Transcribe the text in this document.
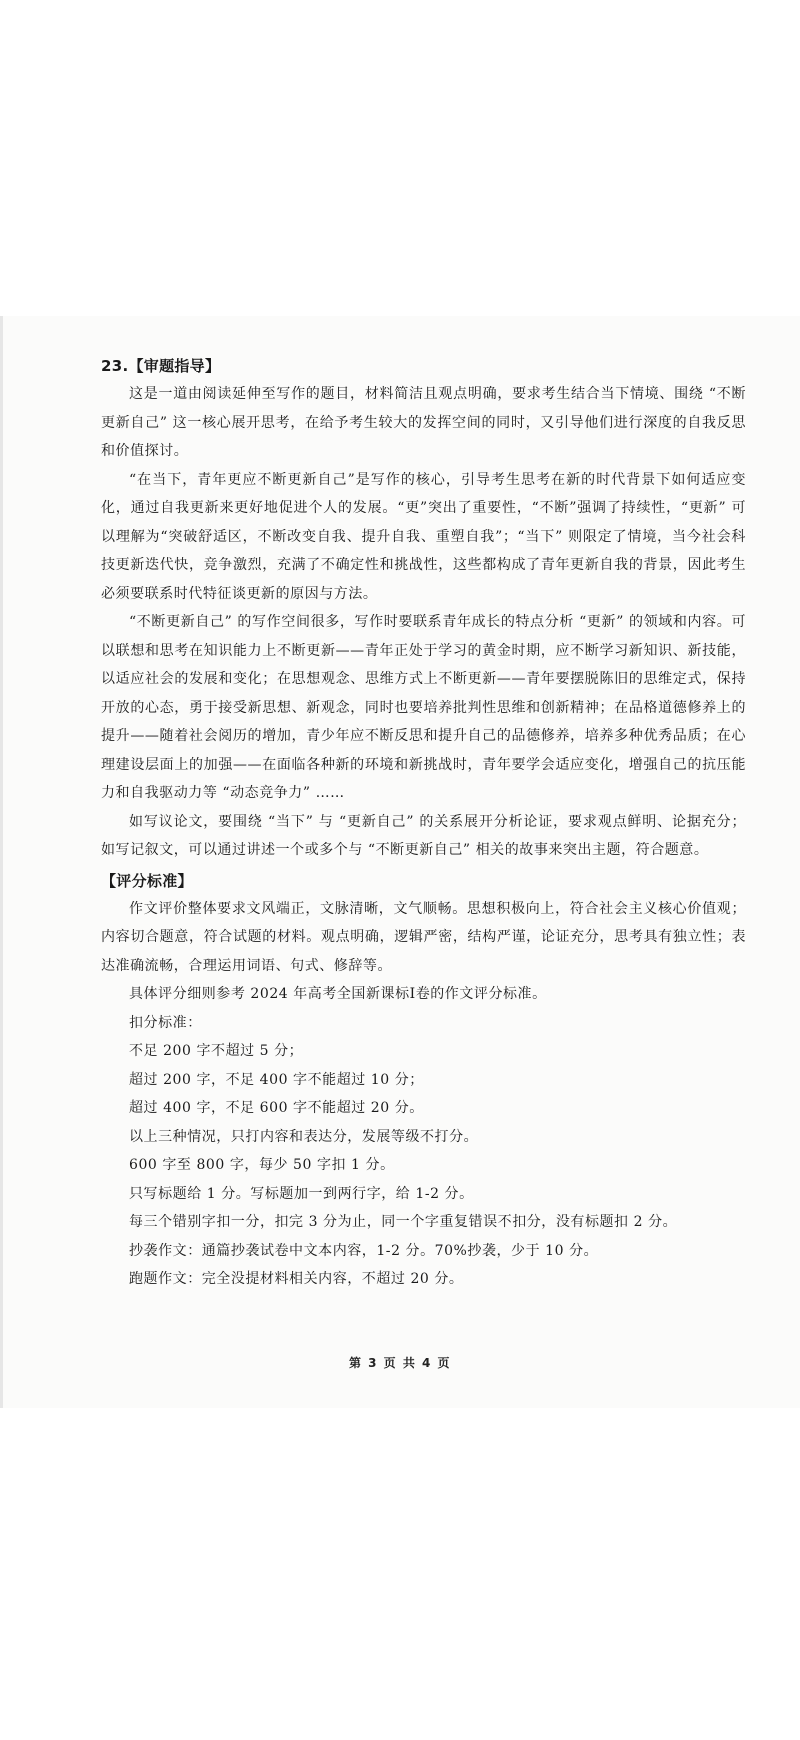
23.【审题指导】

这是一道由阅读延伸至写作的题目，材料简洁且观点明确，要求考生结合当下情境、围绕 “不断更新自己” 这一核心展开思考，在给予考生较大的发挥空间的同时，又引导他们进行深度的自我反思和价值探讨。

“在当下，青年更应不断更新自己”是写作的核心，引导考生思考在新的时代背景下如何适应变化，通过自我更新来更好地促进个人的发展。“更”突出了重要性，“不断”强调了持续性，“更新” 可以理解为“突破舒适区，不断改变自我、提升自我、重塑自我”；“当下” 则限定了情境，当今社会科技更新迭代快，竞争激烈，充满了不确定性和挑战性，这些都构成了青年更新自我的背景，因此考生必须要联系时代特征谈更新的原因与方法。

“不断更新自己” 的写作空间很多，写作时要联系青年成长的特点分析 “更新” 的领域和内容。可以联想和思考在知识能力上不断更新——青年正处于学习的黄金时期，应不断学习新知识、新技能，以适应社会的发展和变化；在思想观念、思维方式上不断更新——青年要摆脱陈旧的思维定式，保持开放的心态，勇于接受新思想、新观念，同时也要培养批判性思维和创新精神；在品格道德修养上的提升——随着社会阅历的增加，青少年应不断反思和提升自己的品德修养，培养多种优秀品质；在心理建设层面上的加强——在面临各种新的环境和新挑战时，青年要学会适应变化，增强自己的抗压能力和自我驱动力等 “动态竞争力” ……

如写议论文，要围绕 “当下” 与 “更新自己” 的关系展开分析论证，要求观点鲜明、论据充分；如写记叙文，可以通过讲述一个或多个与 “不断更新自己” 相关的故事来突出主题，符合题意。

【评分标准】

作文评价整体要求文风端正，文脉清晰，文气顺畅。思想积极向上，符合社会主义核心价值观；内容切合题意，符合试题的材料。观点明确，逻辑严密，结构严谨，论证充分，思考具有独立性；表达准确流畅，合理运用词语、句式、修辞等。

具体评分细则参考 2024 年高考全国新课标Ⅰ卷的作文评分标准。

扣分标准：

不足 200 字不超过 5 分；
超过 200 字，不足 400 字不能超过 10 分；
超过 400 字，不足 600 字不能超过 20 分。
以上三种情况，只打内容和表达分，发展等级不打分。
600 字至 800 字，每少 50 字扣 1 分。
只写标题给 1 分。写标题加一到两行字，给 1-2 分。
每三个错别字扣一分，扣完 3 分为止，同一个字重复错误不扣分，没有标题扣 2 分。
抄袭作文：通篇抄袭试卷中文本内容，1-2 分。70%抄袭，少于 10 分。
跑题作文：完全没提材料相关内容，不超过 20 分。
第 3 页 共 4 页
